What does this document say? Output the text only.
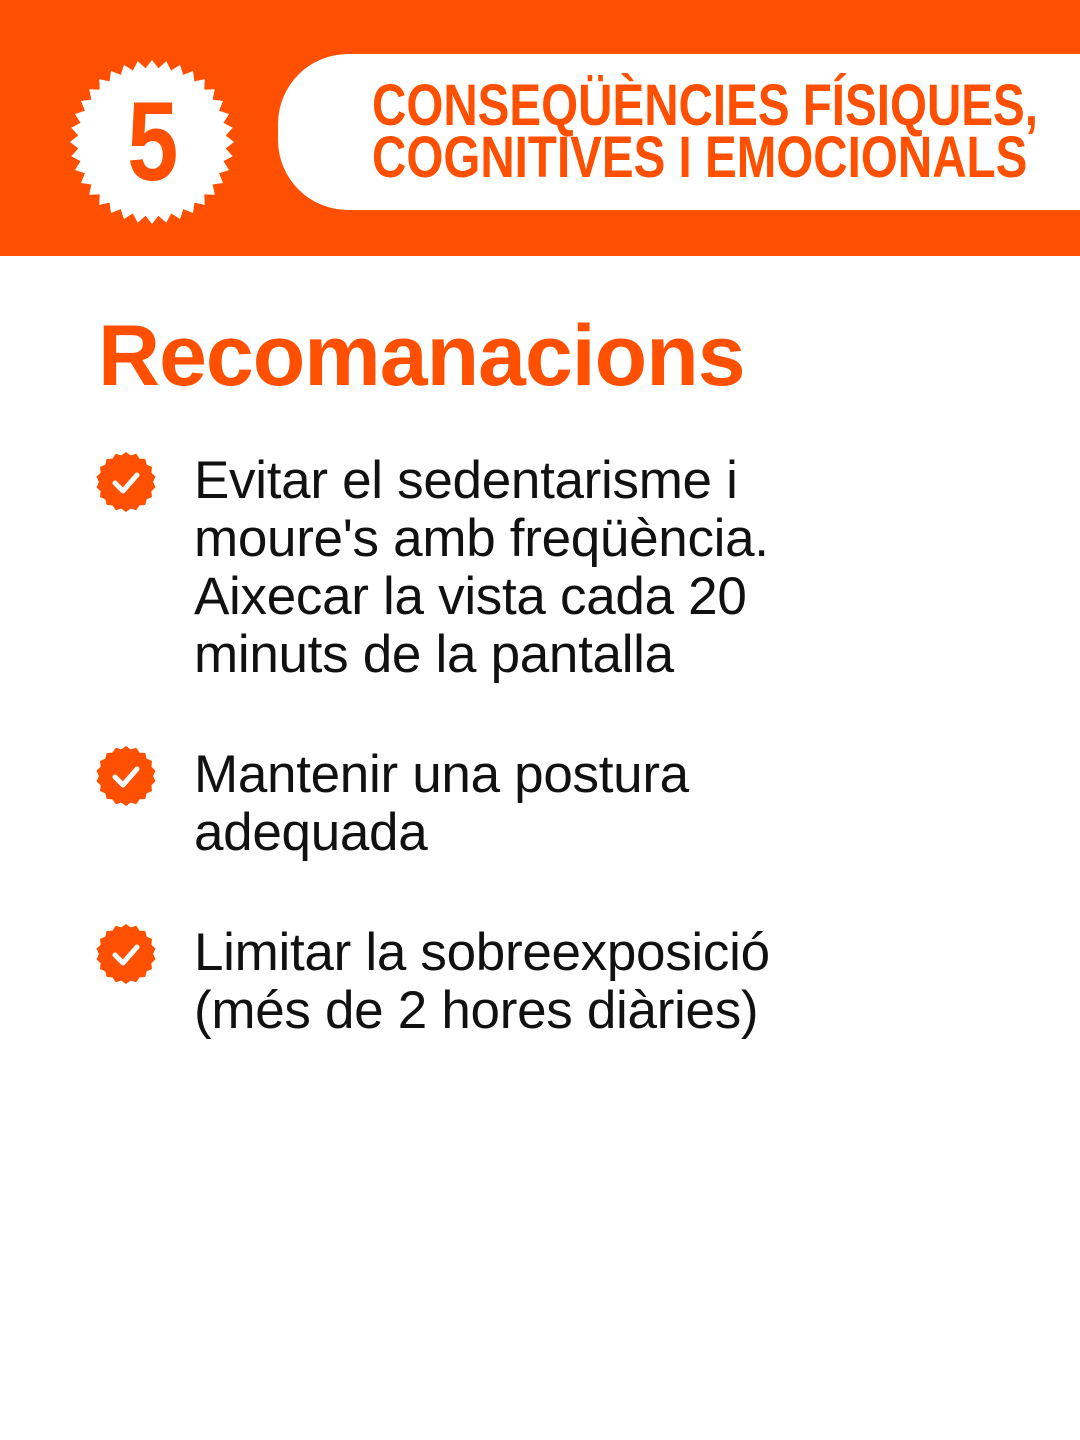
5	CONSEQÜÈNCIES FÍSIQUES,
COGNITIVES I EMOCIONALS
Recomanacions
Evitar el sedentarisme i
moure's amb freqüència.
Aixecar la vista cada 20
minuts de la pantalla
Mantenir una postura
adequada
Limitar la sobreexposició
(més de 2 hores diàries)
